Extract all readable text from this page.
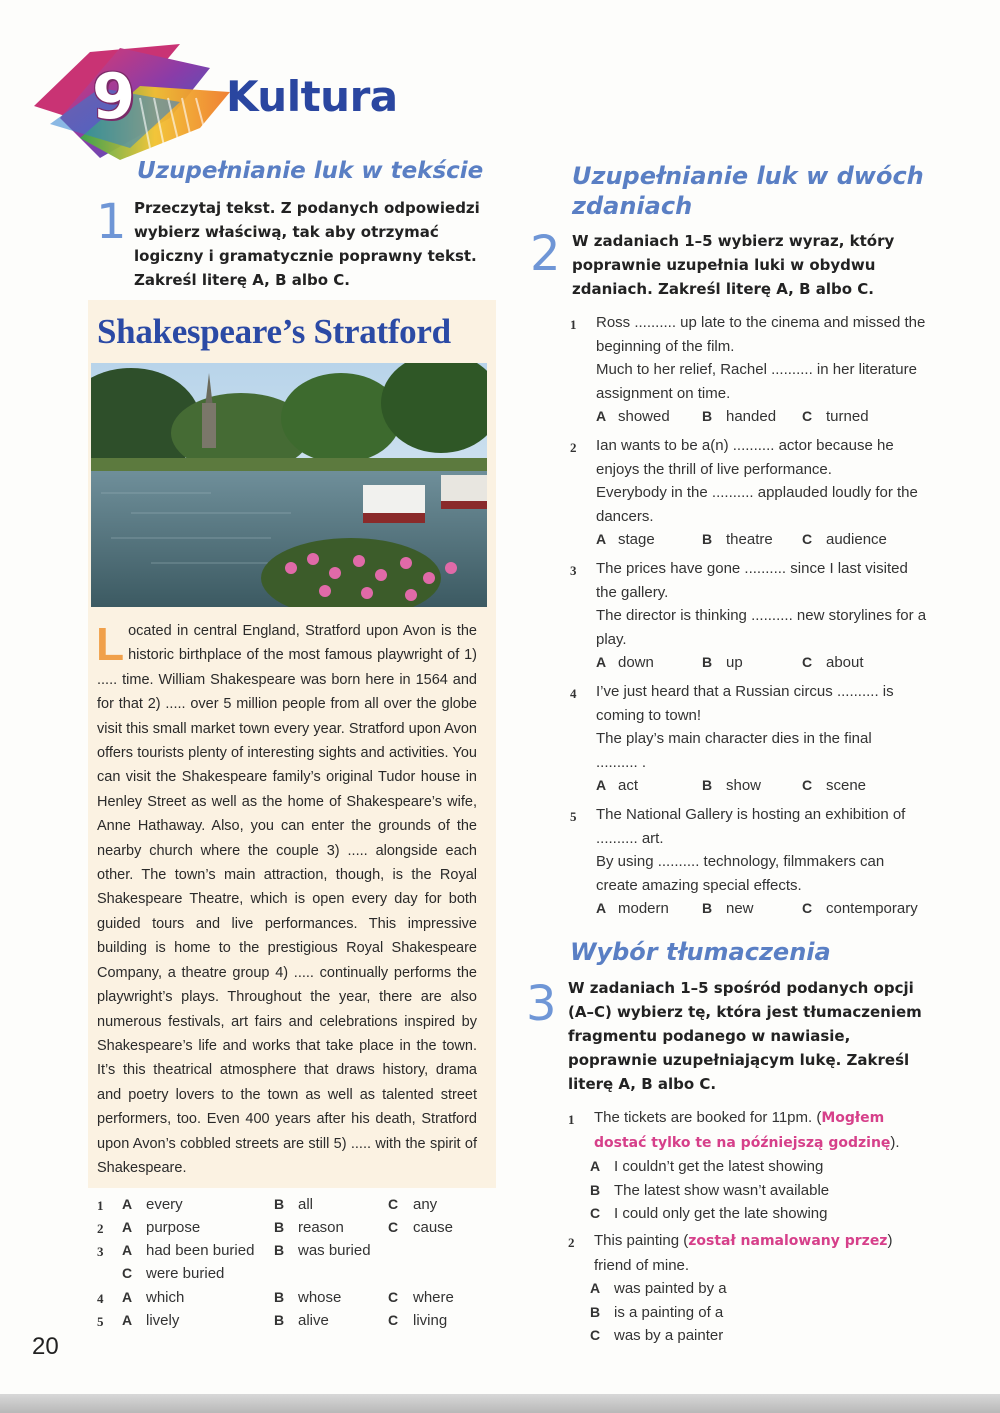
9 Kultura
Uzupełnianie luk w tekście
1 Przeczytaj tekst. Z podanych odpowiedzi wybierz właściwą, tak aby otrzymać logiczny i gramatycznie poprawny tekst. Zakreśl literę A, B albo C.
Shakespeare’s Stratford
Located in central England, Stratford upon Avon is the historic birthplace of the most famous playwright of 1) ..... time. William Shakespeare was born here in 1564 and for that 2) ..... over 5 million people from all over the globe visit this small market town every year. Stratford upon Avon offers tourists plenty of interesting sights and activities. You can visit the Shakespeare family’s original Tudor house in Henley Street as well as the home of Shakespeare’s wife, Anne Hathaway. Also, you can enter the grounds of the nearby church where the couple 3) ..... alongside each other. The town’s main attraction, though, is the Royal Shakespeare Theatre, which is open every day for both guided tours and live performances. This impressive building is home to the prestigious Royal Shakespeare Company, a theatre group 4) ..... continually performs the playwright’s plays. Throughout the year, there are also numerous festivals, art fairs and celebrations inspired by Shakespeare’s life and works that take place in the town. It’s this theatrical atmosphere that draws history, drama and poetry lovers to the town as well as talented street performers, too. Even 400 years after his death, Stratford upon Avon’s cobbled streets are still 5) ..... with the spirit of Shakespeare.
1 A every	B all	C any
2 A purpose	B reason	C cause
3 A had been buried B was buried
C were buried
4 A which	B whose	C where
5 A lively	B alive	C living
20
Uzupełnianie luk w dwóch
zdaniach
2 W zadaniach 1–5 wybierz wyraz, który poprawnie uzupełnia luki w obydwu zdaniach. Zakreśl literę A, B albo C.
1	Ross .......... up late to the cinema and missed the beginning of the film.
Much to her relief, Rachel .......... in her literature assignment on time.
A showed B handed C turned
2	Ian wants to be a(n) .......... actor because he enjoys the thrill of live performance.
Everybody in the .......... applauded loudly for the dancers.
A stage	B theatre C audience
3	The prices have gone .......... since I last visited the gallery.
The director is thinking .......... new storylines for a play.
A down	B up	C about
4	I’ve just heard that a Russian circus .......... is coming to town!
The play’s main character dies in the final
.......... .
A act	B show	C scene
5	The National Gallery is hosting an exhibition of .......... art.
By using .......... technology, filmmakers can create amazing special effects.
A modern B new	C contemporary
Wybór tłumaczenia
3 W zadaniach 1–5 spośród podanych opcji (A–C) wybierz tę, która jest tłumaczeniem fragmentu podanego w nawiasie, poprawnie uzupełniającym lukę. Zakreśl literę A, B albo C.
1	The tickets are booked for 11pm. (Mogłem dostać tylko te na późniejszą godzinę).
A I couldn’t get the latest showing
B The latest show wasn’t available
C I could only get the late showing
2	This painting (został namalowany przez) friend of mine.
A was painted by a
B is a painting of a
C was by a painter
